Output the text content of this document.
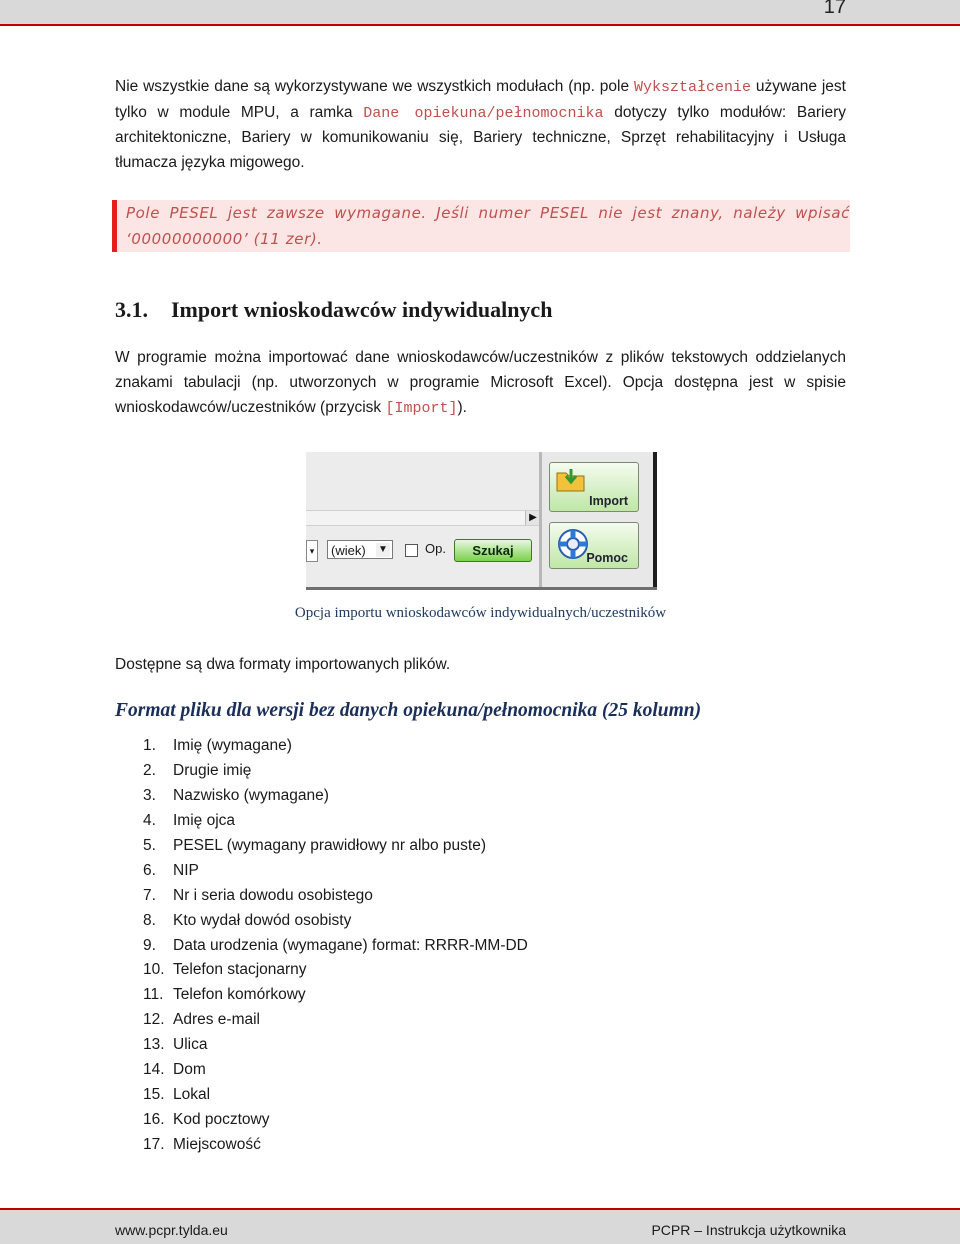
17

Nie wszystkie dane są wykorzystywane we wszystkich modułach (np. pole Wykształcenie używane jest tylko w module MPU, a ramka Dane opiekuna/pełnomocnika dotyczy tylko modułów: Bariery architektoniczne, Bariery w komunikowaniu się, Bariery techniczne, Sprzęt rehabilitacyjny i Usługa tłumacza języka migowego.

Pole PESEL jest zawsze wymagane. Jeśli numer PESEL nie jest znany, należy wpisać ‘00000000000’ (11 zer).

3.1. Import wnioskodawców indywidualnych

W programie można importować dane wnioskodawców/uczestników z plików tekstowych oddzielanych znakami tabulacji (np. utworzonych w programie Microsoft Excel). Opcja dostępna jest w spisie wnioskodawców/uczestników (przycisk [Import]).

▶
▾	(wiek) ▼	Op.	Szukaj
Import
Pomoc
Opcja importu wnioskodawców indywidualnych/uczestników

Dostępne są dwa formaty importowanych plików.

Format pliku dla wersji bez danych opiekuna/pełnomocnika (25 kolumn)
1. Imię (wymagane)
2. Drugie imię
3. Nazwisko (wymagane)
4. Imię ojca
5. PESEL (wymagany prawidłowy nr albo puste)
6. NIP
7. Nr i seria dowodu osobistego
8. Kto wydał dowód osobisty
9. Data urodzenia (wymagane) format: RRRR-MM-DD
10. Telefon stacjonarny
11. Telefon komórkowy
12. Adres e-mail
13. Ulica
14. Dom
15. Lokal
16. Kod pocztowy
17. Miejscowość
www.pcpr.tylda.eu	PCPR – Instrukcja użytkownika
